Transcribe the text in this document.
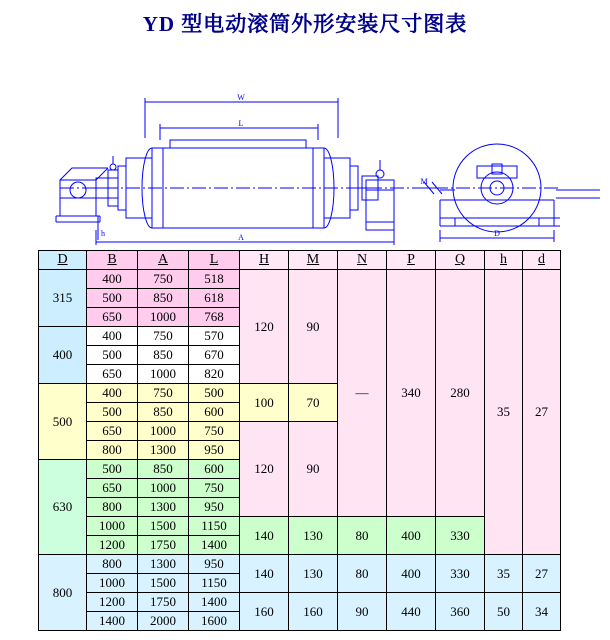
YD 型电动滚筒外形安装尺寸图表
W
L
A
h	D
M
D	B	A	L	H	M	N	P	Q	h	d
315	400	750	518	120	90	—	340	280	35	27
	500	850	618							
	650	1000	768							
400	400	750	570							
	500	850	670							
	650	1000	820							
500	400	750	500	100	70					
	500	850	600							
	650	1000	750	120	90					
	800	1300	950							
630	500	850	600							
	650	1000	750							
	800	1300	950							
	1000	1500	1150	140	130	80	400	330		
	1200	1750	1400							

800	800	1300	950	140	130	80	400	330	35	27
	1000	1500	1150							
	1200	1750	1400	160	160	90	440	360	50	34
	1400	2000	1600							
